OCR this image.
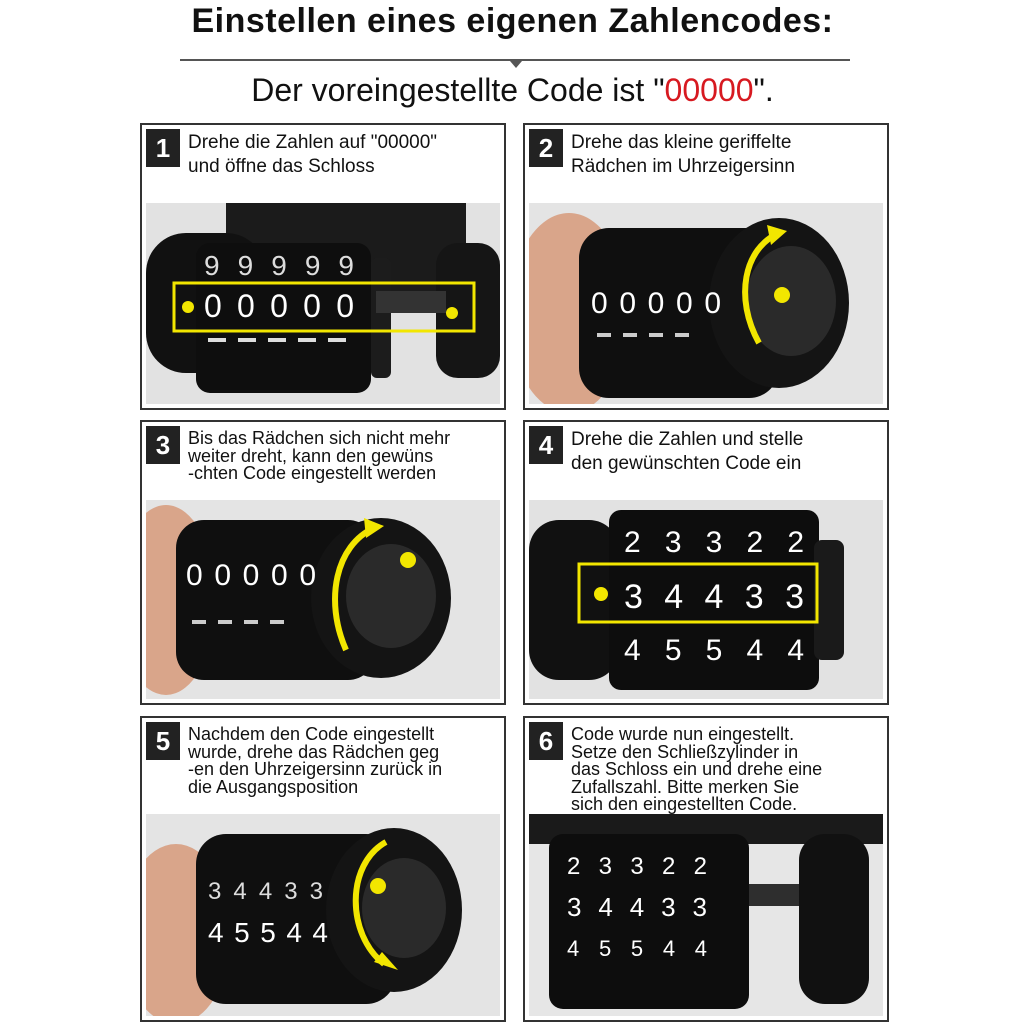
Einstellen eines eigenen Zahlencodes:
Der voreingestellte Code ist "00000".
1 Drehe die Zahlen auf "00000"
und öffne das Schloss
99999
00000
2 Drehe das kleine geriffelte
Rädchen im Uhrzeigersinn
00000
3 Bis das Rädchen sich nicht mehr
weiter dreht, kann den gewüns
-chten Code eingestellt werden
00000
4 Drehe die Zahlen und stelle
den gewünschten Code ein
23322
34433
45544
5 Nachdem den Code eingestellt
wurde, drehe das Rädchen geg
-en den Uhrzeigersinn zurück in
die Ausgangsposition
34433
45544
6 Code wurde nun eingestellt.
Setze den Schließzylinder in
das Schloss ein und drehe eine
Zufallszahl. Bitte merken Sie
sich den eingestellten Code.
23322
34433
45544
